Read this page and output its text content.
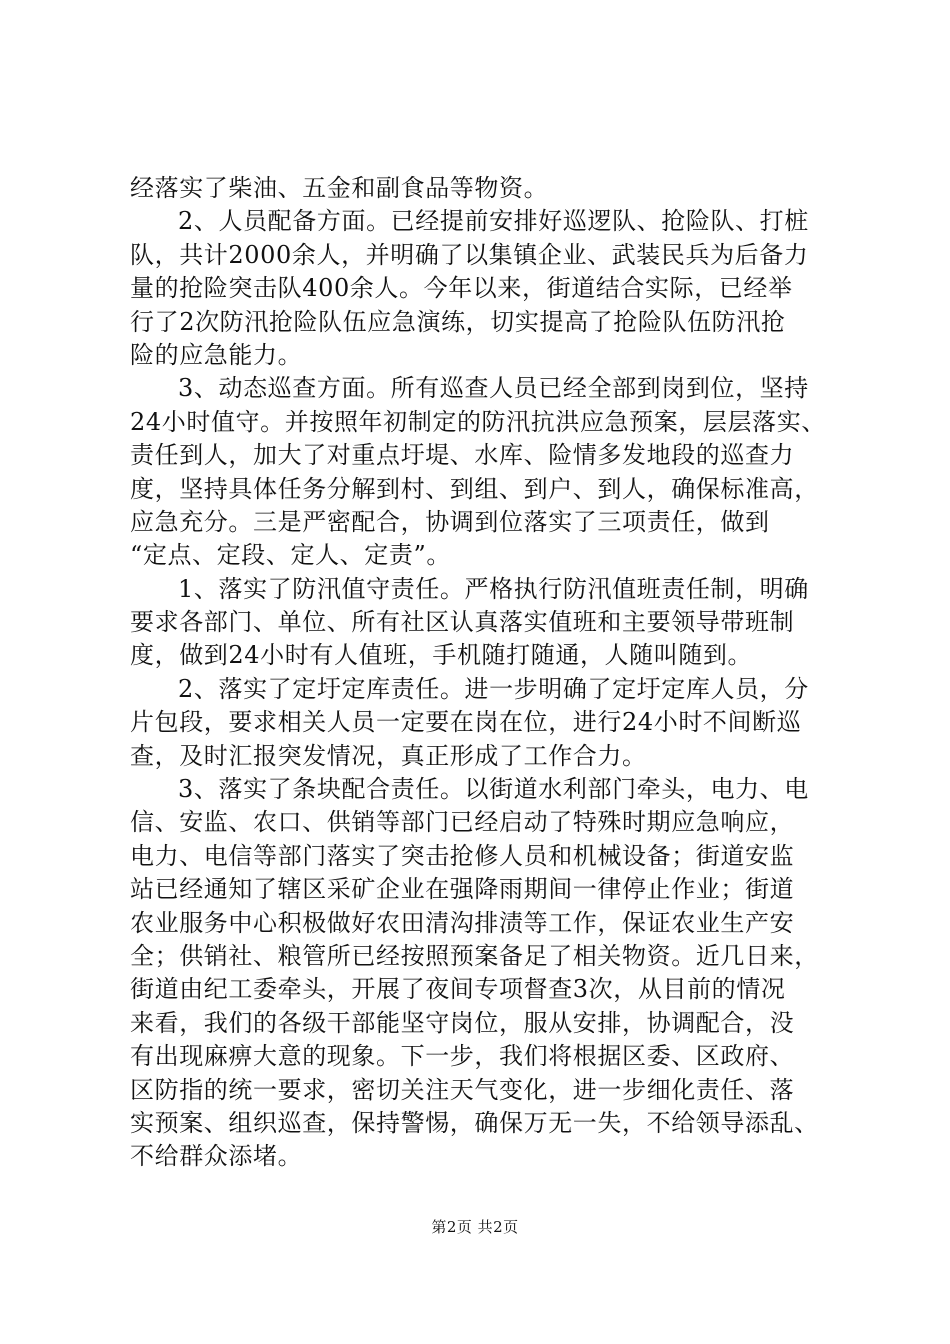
经落实了柴油、五金和副食品等物资。

2、人员配备方面。已经提前安排好巡逻队、抢险队、打桩

队，共计2000余人，并明确了以集镇企业、武装民兵为后备力

量的抢险突击队400余人。今年以来，街道结合实际，已经举

行了2次防汛抢险队伍应急演练，切实提高了抢险队伍防汛抢

险的应急能力。

3、动态巡查方面。所有巡查人员已经全部到岗到位，坚持

24小时值守。并按照年初制定的防汛抗洪应急预案，层层落实、

责任到人，加大了对重点圩堤、水库、险情多发地段的巡查力

度，坚持具体任务分解到村、到组、到户、到人，确保标准高，

应急充分。三是严密配合，协调到位落实了三项责任，做到

“定点、定段、定人、定责”。

1、落实了防汛值守责任。严格执行防汛值班责任制，明确

要求各部门、单位、所有社区认真落实值班和主要领导带班制

度，做到24小时有人值班，手机随打随通，人随叫随到。

2、落实了定圩定库责任。进一步明确了定圩定库人员，分

片包段，要求相关人员一定要在岗在位，进行24小时不间断巡

查，及时汇报突发情况，真正形成了工作合力。

3、落实了条块配合责任。以街道水利部门牵头，电力、电

信、安监、农口、供销等部门已经启动了特殊时期应急响应，

电力、电信等部门落实了突击抢修人员和机械设备；街道安监

站已经通知了辖区采矿企业在强降雨期间一律停止作业；街道

农业服务中心积极做好农田清沟排渍等工作，保证农业生产安

全；供销社、粮管所已经按照预案备足了相关物资。近几日来，

街道由纪工委牵头，开展了夜间专项督查3次，从目前的情况

来看，我们的各级干部能坚守岗位，服从安排，协调配合，没

有出现麻痹大意的现象。下一步，我们将根据区委、区政府、

区防指的统一要求，密切关注天气变化，进一步细化责任、落

实预案、组织巡查，保持警惕，确保万无一失，不给领导添乱、

不给群众添堵。

第2页 共2页
